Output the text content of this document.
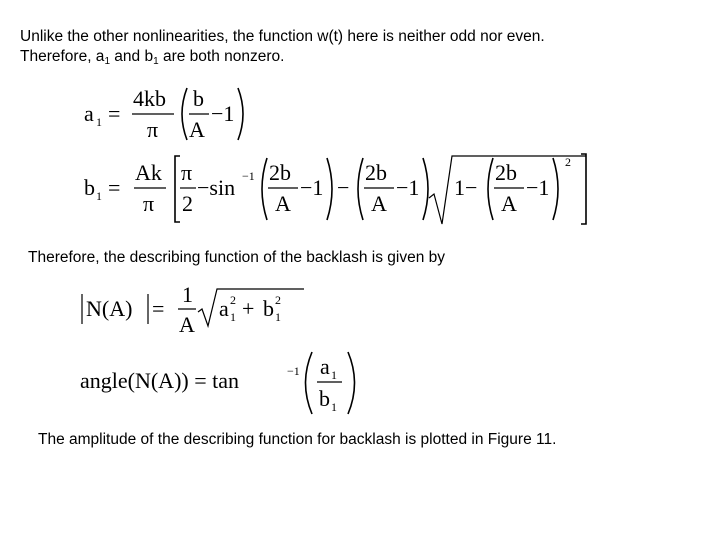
Unlike the other nonlinearities, the function w(t) here is neither odd nor even.
Therefore, $a_1$ and $b_1$ are both nonzero.
a 1 =
4kb
π
b
A
−1
b 1 =
Ak
π
π
2
−sin −1 2b
A
−1 −
2b
A
−1 1−
2b
A
−1
2
Therefore, the describing function of the backlash is given by
N(A) =
1
A
a 2
1 + b 2
1
angle(N(A)) = tan	−1 a 1
b 1
The amplitude of the describing function for backlash is plotted in Figure 11.
